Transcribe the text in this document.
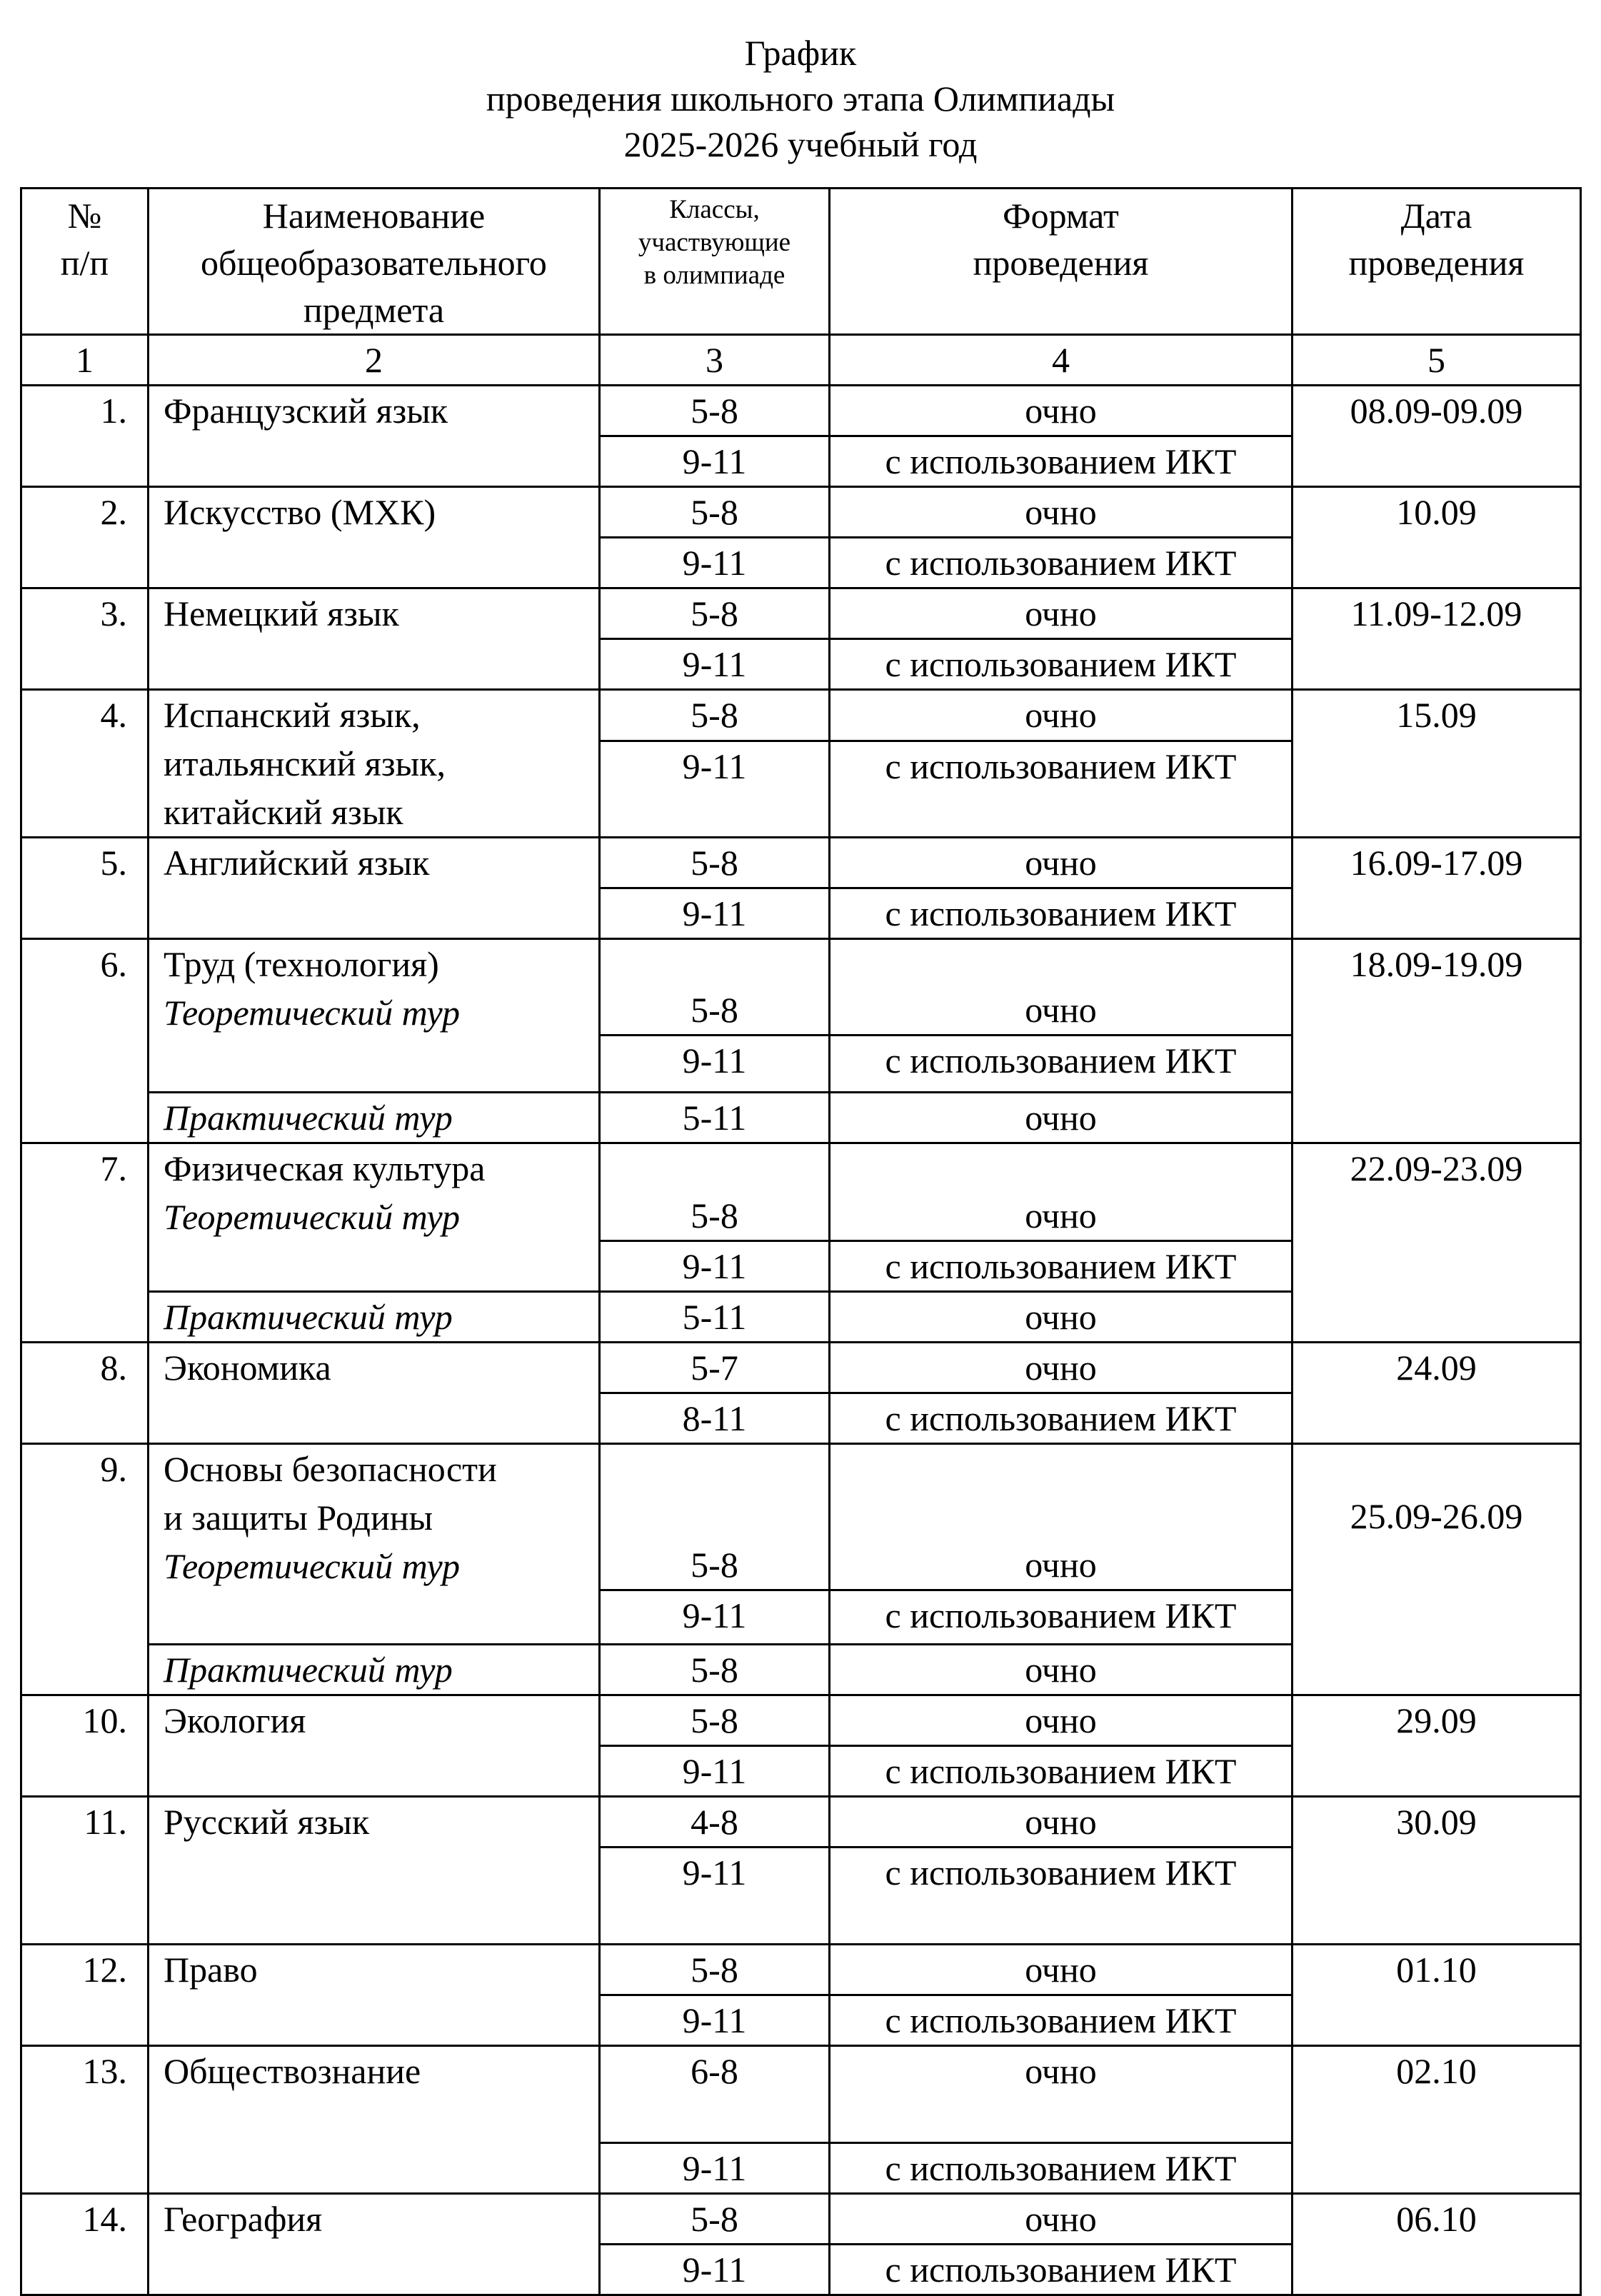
График
проведения школьного этапа Олимпиады
2025-2026 учебный год
№
п/п	Наименование
общеобразовательного
предмета	Классы,
участвующие
в олимпиаде	Формат
проведения	Дата
проведения

1	2	3	4	5
1.	Французский язык	5-8	очно	08.09-09.09
		9-11	с использованием ИКТ	
2.	Искусство (МХК)	5-8	очно	10.09
		9-11	с использованием ИКТ	
3.	Немецкий язык	5-8	очно	11.09-12.09
		9-11	с использованием ИКТ	
4.	Испанский язык,
итальянский язык,
китайский язык	5-8	очно	15.09
		9-11	с использованием ИКТ	
5.	Английский язык	5-8	очно	16.09-17.09
		9-11	с использованием ИКТ	
6.	Труд (технология)
Теоретический тур	5-8	очно	18.09-19.09
		9-11	с использованием ИКТ	

	Практический тур	5-11	очно	
7.	Физическая культура
Теоретический тур	5-8	очно	22.09-23.09
		9-11	с использованием ИКТ	

	Практический тур	5-11	очно	
8.	Экономика	5-7	очно	24.09
		8-11	с использованием ИКТ	
9.	Основы безопасности
и защиты Родины
Теоретический тур	5-8	очно	25.09-26.09
		9-11	с использованием ИКТ	

	Практический тур	5-8	очно	
10.	Экология	5-8	очно	29.09
		9-11	с использованием ИКТ	
11.	Русский язык	4-8	очно	30.09
		9-11	с использованием ИКТ	
12.	Право	5-8	очно	01.10
		9-11	с использованием ИКТ	
13.	Обществознание	6-8	очно	02.10
		9-11	с использованием ИКТ	
14.	География	5-8	очно	06.10
		9-11	с использованием ИКТ	
